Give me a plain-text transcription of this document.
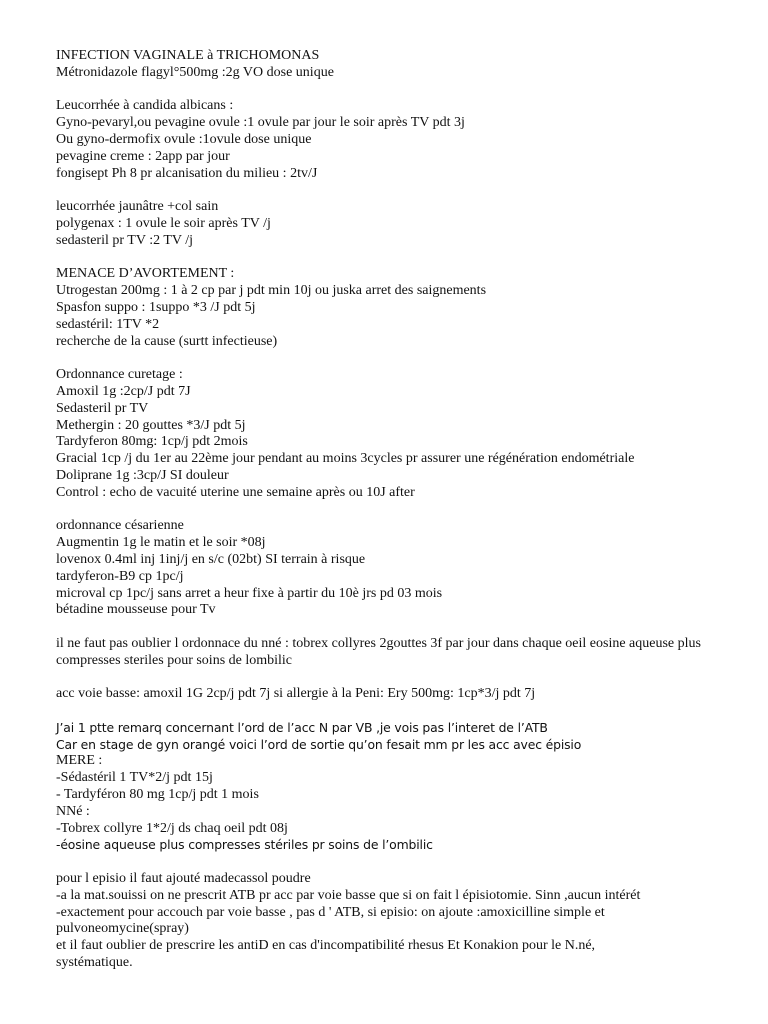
INFECTION VAGINALE à TRICHOMONAS
Métronidazole flagyl°500mg :2g VO dose unique
Leucorrhée à candida albicans :
Gyno-pevaryl,ou pevagine ovule :1 ovule par jour le soir après TV pdt 3j
Ou gyno-dermofix ovule :1ovule dose unique
pevagine creme : 2app par jour
fongisept Ph 8 pr alcanisation du milieu : 2tv/J
leucorrhée jaunâtre +col sain
polygenax : 1 ovule le soir après TV /j
sedasteril pr TV :2 TV /j
MENACE D’AVORTEMENT :
Utrogestan 200mg : 1 à 2 cp par j pdt min 10j ou juska arret des saignements
Spasfon suppo : 1suppo *3 /J pdt 5j
sedastéril: 1TV *2
recherche de la cause (surtt infectieuse)
Ordonnance curetage :
Amoxil 1g :2cp/J pdt 7J
Sedasteril pr TV
Methergin : 20 gouttes *3/J pdt 5j
Tardyferon 80mg: 1cp/j pdt 2mois
Gracial 1cp /j du 1er au 22ème jour pendant au moins 3cycles pr assurer une régénération endométriale
Doliprane 1g :3cp/J SI douleur
Control : echo de vacuité uterine une semaine après ou 10J after
ordonnance césarienne
Augmentin 1g le matin et le soir *08j
lovenox 0.4ml inj 1inj/j en s/c (02bt) SI terrain à risque
tardyferon-B9 cp 1pc/j
microval cp 1pc/j sans arret a heur fixe à partir du 10è jrs pd 03 mois
bétadine mousseuse pour Tv
il ne faut pas oublier l ordonnace du nné : tobrex collyres 2gouttes 3f par jour dans chaque oeil eosine aqueuse plus compresses steriles pour soins de lombilic
acc voie basse: amoxil 1G 2cp/j pdt 7j si allergie à la Peni: Ery 500mg: 1cp*3/j pdt 7j
J’ai 1 ptte remarq concernant l’ord de l’acc N par VB ,je vois pas l’interet de l’ATB
Car en stage de gyn orangé voici l’ord de sortie qu’on fesait mm pr les acc avec épisio
MERE :
-Sédastéril 1 TV*2/j pdt 15j
- Tardyféron 80 mg 1cp/j pdt 1 mois
NNé :
-Tobrex collyre 1*2/j ds chaq oeil pdt 08j
-éosine aqueuse plus compresses stériles pr soins de l’ombilic
pour l episio il faut ajouté madecassol poudre
-a la mat.souissi on ne prescrit ATB pr acc par voie basse que si on fait l épisiotomie. Sinn ,aucun intérét
-exactement pour accouch par voie basse , pas d ' ATB, si episio: on ajoute :amoxicilline simple et
pulvoneomycine(spray)
et il faut oublier de prescrire les antiD en cas d'incompatibilité rhesus Et Konakion pour le N.né,
systématique.
